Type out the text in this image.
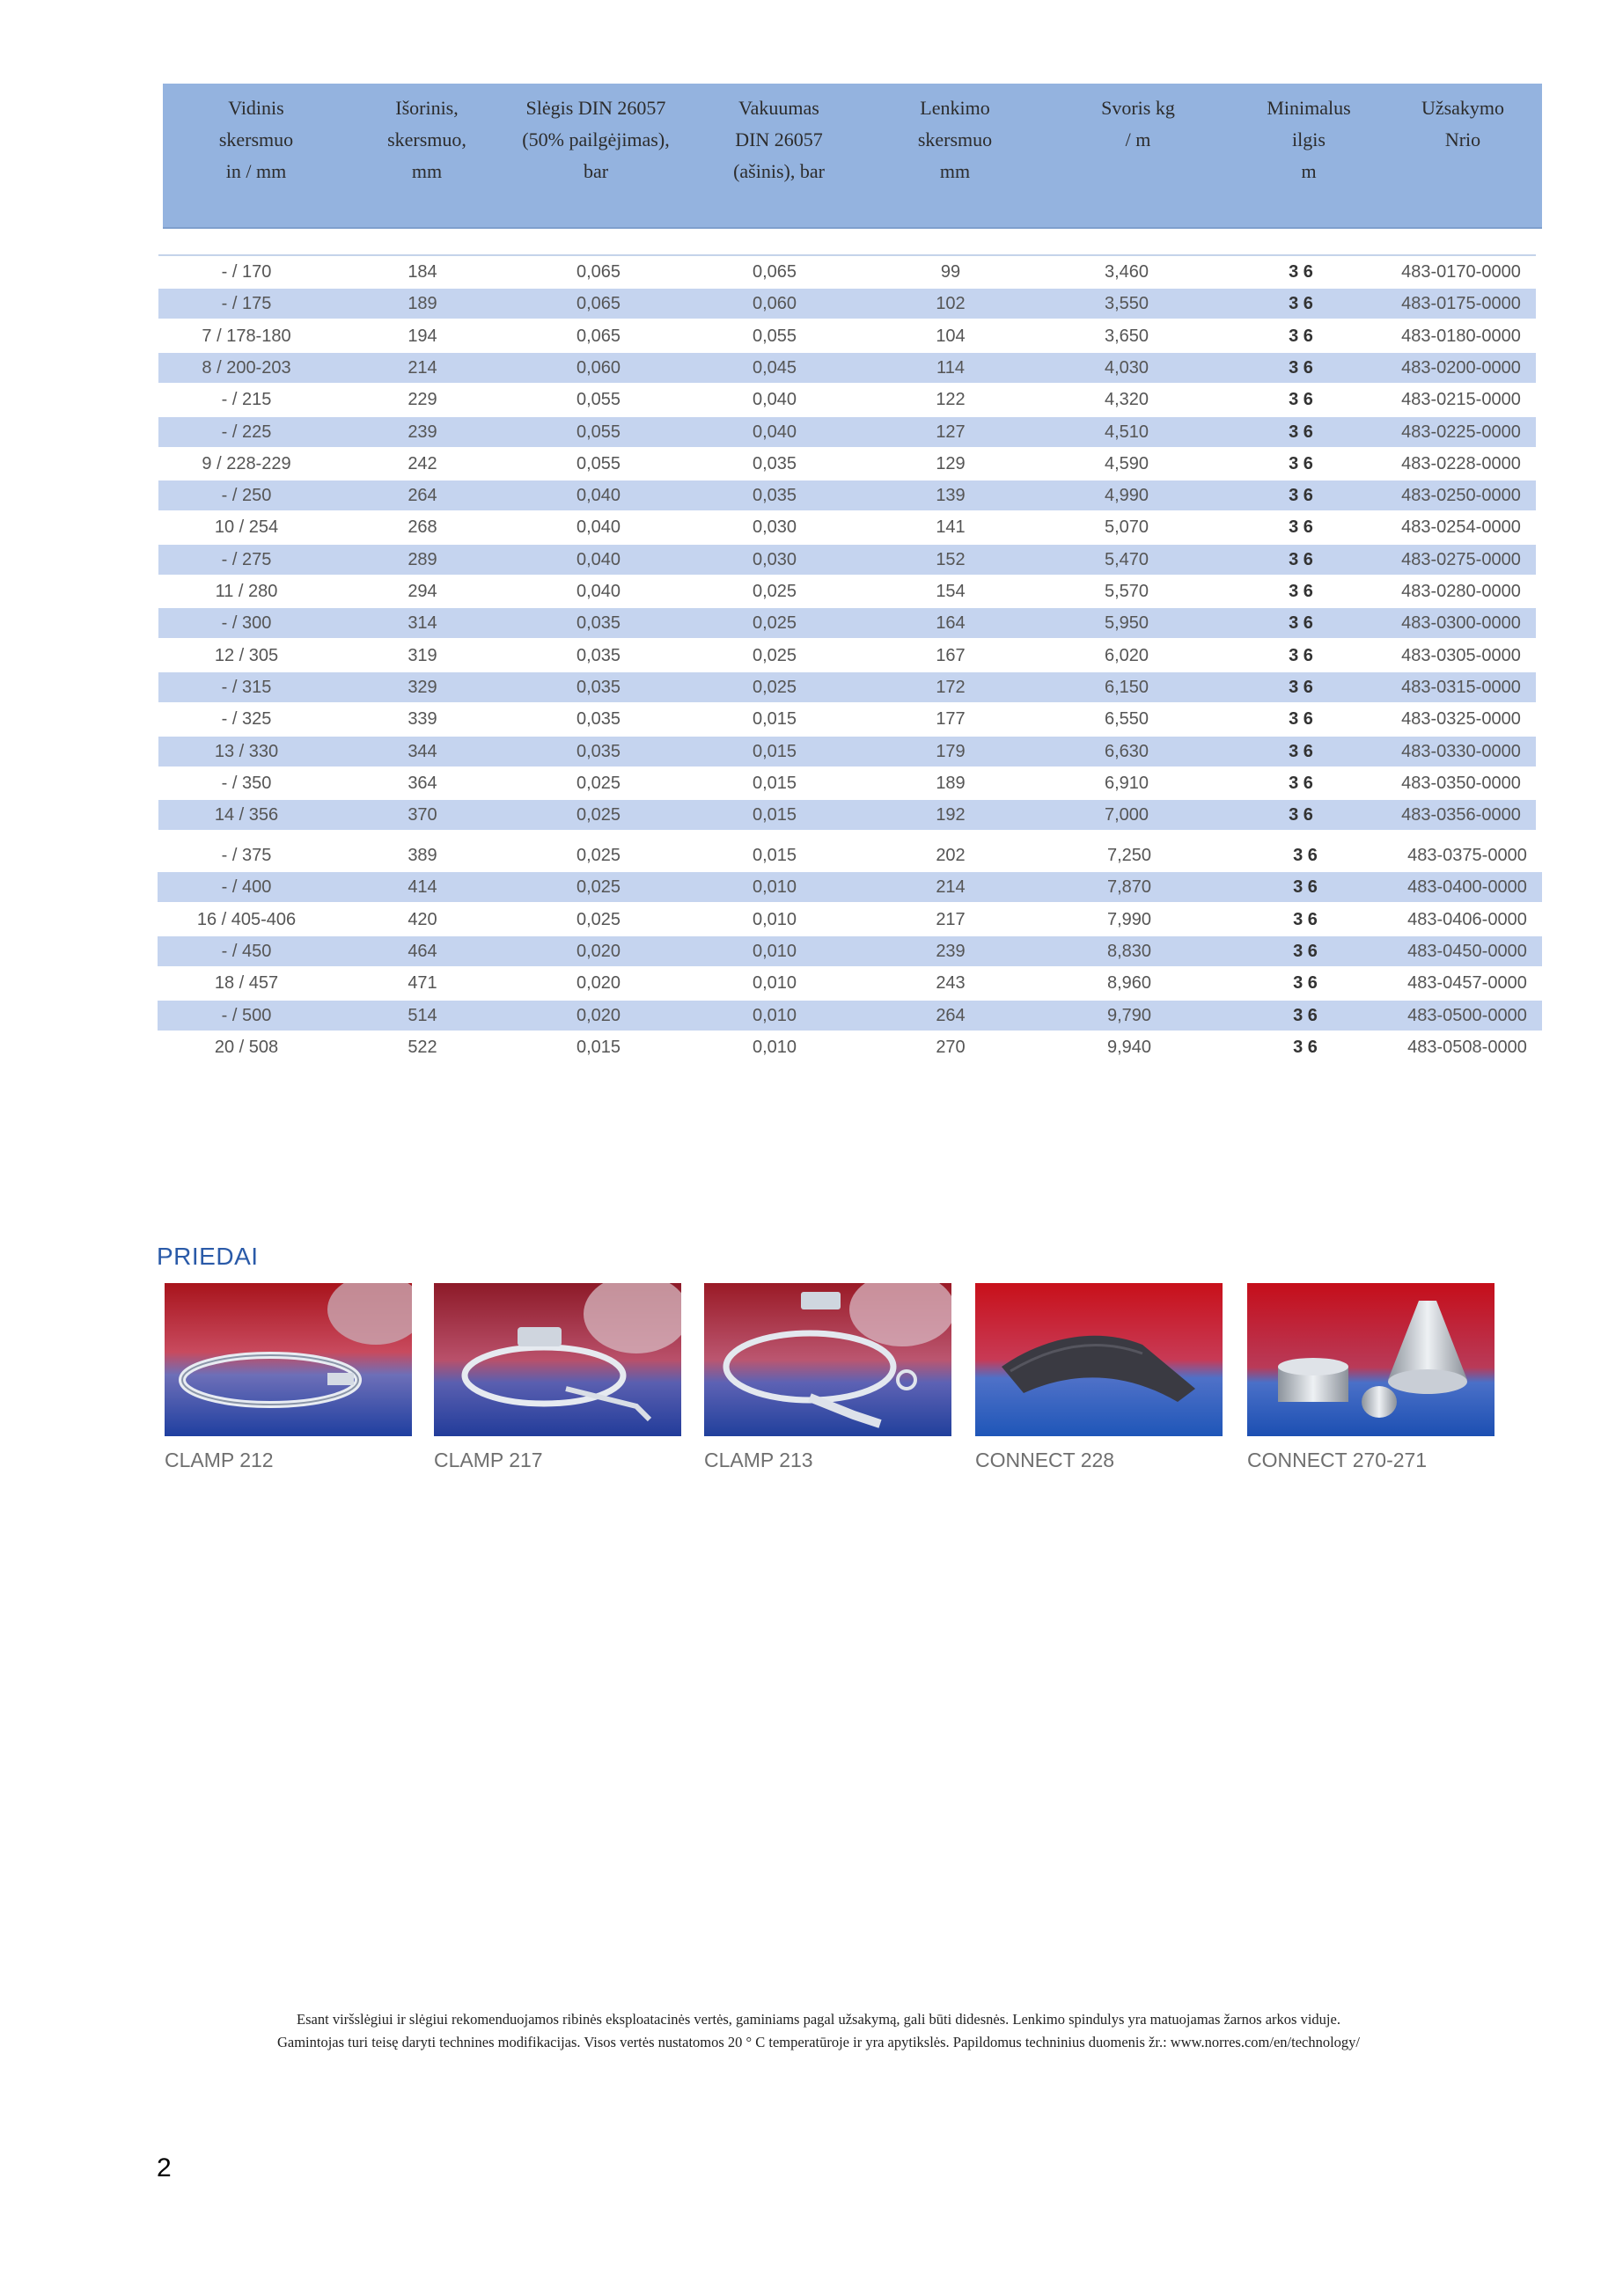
Vidinis
skersmuo
in / mm
Išorinis,
skersmuo,
mm
Slėgis DIN 26057
(50% pailgėjimas),
bar
Vakuumas
DIN 26057
(ašinis), bar
Lenkimo
skersmuo
mm
Svoris kg
/ m
Minimalus
ilgis
m
Užsakymo
Nrio
- / 170	184	0,065	0,065	99	3,460	3 6	483-0170-0000
- / 175	189	0,065	0,060	102	3,550	3 6	483-0175-0000
7 / 178-180	194	0,065	0,055	104	3,650	3 6	483-0180-0000
8 / 200-203	214	0,060	0,045	114	4,030	3 6	483-0200-0000
- / 215	229	0,055	0,040	122	4,320	3 6	483-0215-0000
- / 225	239	0,055	0,040	127	4,510	3 6	483-0225-0000
9 / 228-229	242	0,055	0,035	129	4,590	3 6	483-0228-0000
- / 250	264	0,040	0,035	139	4,990	3 6	483-0250-0000
10 / 254	268	0,040	0,030	141	5,070	3 6	483-0254-0000
- / 275	289	0,040	0,030	152	5,470	3 6	483-0275-0000
11 / 280	294	0,040	0,025	154	5,570	3 6	483-0280-0000
- / 300	314	0,035	0,025	164	5,950	3 6	483-0300-0000
12 / 305	319	0,035	0,025	167	6,020	3 6	483-0305-0000
- / 315	329	0,035	0,025	172	6,150	3 6	483-0315-0000
- / 325	339	0,035	0,015	177	6,550	3 6	483-0325-0000
13 / 330	344	0,035	0,015	179	6,630	3 6	483-0330-0000
- / 350	364	0,025	0,015	189	6,910	3 6	483-0350-0000
14 / 356	370	0,025	0,015	192	7,000	3 6	483-0356-0000
- / 375	389	0,025	0,015	202	7,250	3 6	483-0375-0000
- / 400	414	0,025	0,010	214	7,870	3 6	483-0400-0000
16 / 405-406	420	0,025	0,010	217	7,990	3 6	483-0406-0000
- / 450	464	0,020	0,010	239	8,830	3 6	483-0450-0000
18 / 457	471	0,020	0,010	243	8,960	3 6	483-0457-0000
- / 500	514	0,020	0,010	264	9,790	3 6	483-0500-0000
20 / 508	522	0,015	0,010	270	9,940	3 6	483-0508-0000
PRIEDAI
CLAMP 212	CLAMP 217	CLAMP 213	CONNECT 228	CONNECT 270-271
Esant viršslėgiui ir slėgiui rekomenduojamos ribinės eksploatacinės vertės, gaminiams pagal užsakymą, gali būti didesnės. Lenkimo spindulys yra matuojamas žarnos arkos viduje.
Gamintojas turi teisę daryti technines modifikacijas. Visos vertės nustatomos 20 ° C temperatūroje ir yra apytikslės. Papildomus techninius duomenis žr.: www.norres.com/en/technology/
2
